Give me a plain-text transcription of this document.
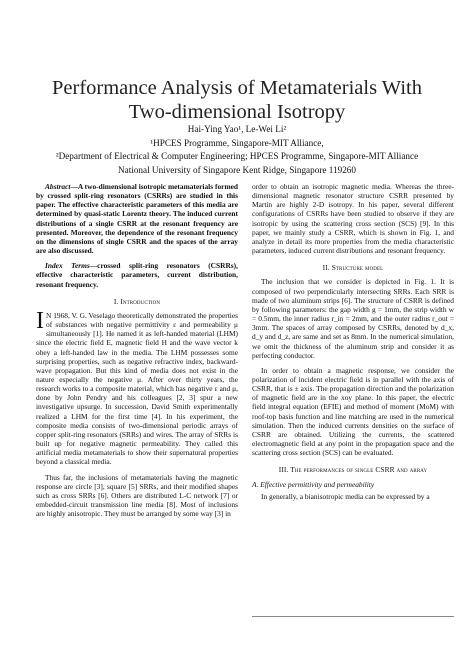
Performance Analysis of Metamaterials With
Two-dimensional Isotropy
Hai-Ying Yao¹, Le-Wei Li²
¹HPCES Programme, Singapore-MIT Alliance,
²Department of Electrical & Computer Engineering; HPCES Programme, Singapore-MIT Alliance
National University of Singapore Kent Ridge, Singapore 119260

Abstract—A two-dimensional isotropic metamaterials formed by crossed split-ring resonators (CSRRs) are studied in this paper. The effective characteristic parameters of this media are determined by quasi-static Lorentz theory. The induced current distributions of a single CSRR at the resonant frequency are presented. Moreover, the dependence of the resonant frequency on the dimensions of single CSRR and the spaces of the array are also discussed.

Index Terms—crossed split-ring resonators (CSRRs), effective characteristic parameters, current distribution, resonant frequency.

I. Introduction

I N 1968, V. G. Veselago theoretically demonstrated the properties of substances with negative permittivity ε and permeability μ simultaneously [1]. He named it as left-handed material (LHM) since the electric field E, magnetic field H and the wave vector k obey a left-handed law in the media. The LHM possesses some surprising properties, such as negative refractive index, backward-wave propagation. But this kind of media does not exist in the nature especially the negative μ. After over thirty years, the research works to a composite material, which has negative ε and μ, done by John Pendry and his colleagues [2, 3] spur a new investigative upsurge. In succession, David Smith experimentally realized a LHM for the first time [4]. In his experiment, the composite media consists of two-dimensional periodic arrays of copper split-ring resonators (SRRs) and wires. The array of SRRs is built up for negative magnetic permeability. They called this artificial media metamaterials to show their supernatural properties beyond a classical media.

Thus far, the inclusions of metamaterials having the magnetic response are circle [3], square [5] SRRs, and their modified shapes such as cross SRRs [6]. Others are distributed L-C network [7] or embedded-circuit transmission line media [8]. Most of inclusions are highly anisotropic. They must be arranged by some way [3] in

order to obtain an isotropic magnetic media. Whereas the three-dimensional magnetic resonator structure CSRR presented by Martin are highly 2-D isotropy. In his paper, several different configurations of CSRRs have been studied to observe if they are isotropic by using the scattering cross section (SCS) [9]. In this paper, we mainly study a CSRR, which is shown in Fig. 1, and analyze in detail its more properties from the media characteristic parameters, induced current distributions and resonant frequency.

II. Structure model

The inclusion that we consider is depicted in Fig. 1. It is composed of two perpendicularly intersecting SRRs. Each SRR is made of two aluminum strips [6]. The structure of CSRR is defined by following parameters: the gap width g = 1mm, the strip width w = 0.5mm, the inner radius r_in = 2mm, and the outer radius r_out = 3mm. The spaces of array composed by CSRRs, denoted by d_x, d_y and d_z, are same and set as 8mm. In the numerical simulation, we omit the thickness of the aluminum strip and consider it as perfecting conductor.

In order to obtain a magnetic response, we consider the polarization of incident electric field is in parallel with the axis of CSRR, that is ± axis. The propagation direction and the polarization of magnetic field are in the xoy plane. In this paper, the electric field integral equation (EFIE) and method of moment (MoM) with roof-top basis function and line matching are used in the numerical simulation. Then the induced currents densities on the surface of CSRR are obtained. Utilizing the currents, the scattered electromagnetic field at any point in the propagation space and the scattering cross section (SCS) can be evaluated.

III. The performances of single CSRR and array
A. Effective permittivity and permeability

In generally, a bianisotropic media can be expressed by a
